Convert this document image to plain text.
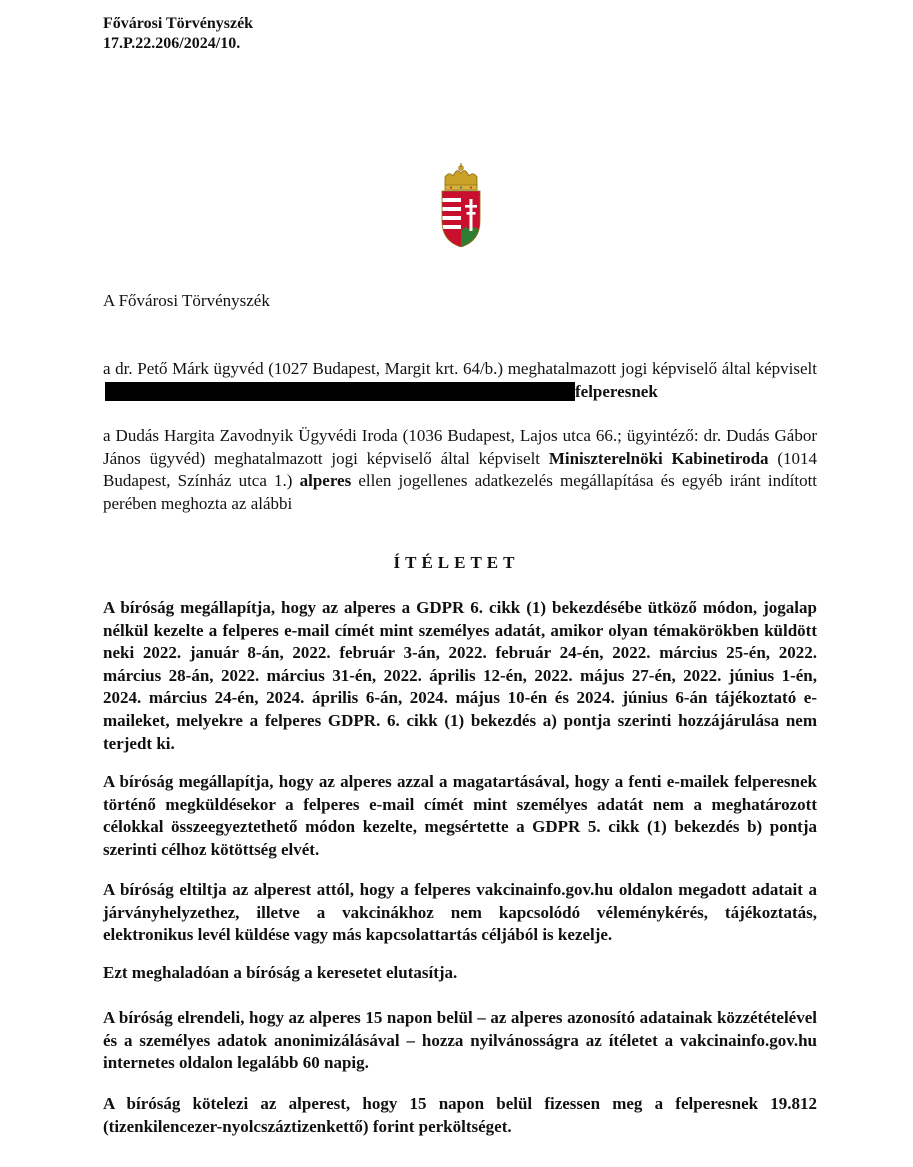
Fővárosi Törvényszék
17.P.22.206/2024/10.
A Fővárosi Törvényszék

a dr. Pető Márk ügyvéd (1027 Budapest, Margit krt. 64/b.) meghatalmazott jogi képviselő által képviseltfelperesnek

a Dudás Hargita Zavodnyik Ügyvédi Iroda (1036 Budapest, Lajos utca 66.; ügyintéző: dr. Dudás Gábor János ügyvéd) meghatalmazott jogi képviselő által képviselt Miniszterelnöki Kabinetiroda (1014 Budapest, Színház utca 1.) alperes ellen jogellenes adatkezelés megállapítása és egyéb iránt indított perében meghozta az alábbi

ÍTÉLETET

A bíróság megállapítja, hogy az alperes a GDPR 6. cikk (1) bekezdésébe ütköző módon, jogalap nélkül kezelte a felperes e-mail címét mint személyes adatát, amikor olyan témakörökben küldött neki 2022. január 8-án, 2022. február 3-án, 2022. február 24-én, 2022. március 25-én, 2022. március 28-án, 2022. március 31-én, 2022. április 12-én, 2022. május 27-én, 2022. június 1-én, 2024. március 24-én, 2024. április 6-án, 2024. május 10-én és 2024. június 6-án tájékoztató e-maileket, melyekre a felperes GDPR. 6. cikk (1) bekezdés a) pontja szerinti hozzájárulása nem terjedt ki.

A bíróság megállapítja, hogy az alperes azzal a magatartásával, hogy a fenti e-mailek felperesnek történő megküldésekor a felperes e-mail címét mint személyes adatát nem a meghatározott célokkal összeegyeztethető módon kezelte, megsértette a GDPR 5. cikk (1) bekezdés b) pontja szerinti célhoz kötöttség elvét.

A bíróság eltiltja az alperest attól, hogy a felperes vakcinainfo.gov.hu oldalon megadott adatait a járványhelyzethez, illetve a vakcinákhoz nem kapcsolódó véleménykérés, tájékoztatás, elektronikus levél küldése vagy más kapcsolattartás céljából is kezelje.

Ezt meghaladóan a bíróság a keresetet elutasítja.

A bíróság elrendeli, hogy az alperes 15 napon belül – az alperes azonosító adatainak közzétételével és a személyes adatok anonimizálásával – hozza nyilvánosságra az ítéletet a vakcinainfo.gov.hu internetes oldalon legalább 60 napig.

A bíróság kötelezi az alperest, hogy 15 napon belül fizessen meg a felperesnek 19.812 (tizenkilencezer-nyolcszáztizenkettő) forint perköltséget.
